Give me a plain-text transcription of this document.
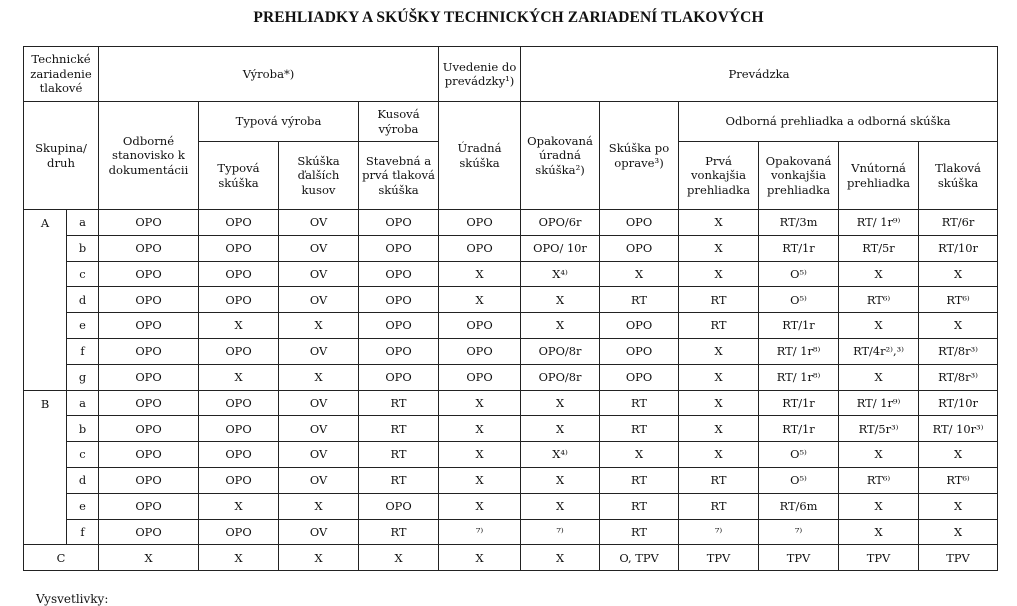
PREHLIADKY A SKÚŠKY TECHNICKÝCH ZARIADENÍ TLAKOVÝCH
Technické zariadenie tlakové		Výroba*)				Uvedenie do prevádzky¹)	Prevádzka					
Skupina/ druh		Odborné stanovisko k dokumentácii	Typová výroba		Kusová výroba	Úradná skúška	Opakovaná úradná skúška²)	Skúška po oprave³)	Odborná prehliadka a odborná skúška			
			Typová skúška	Skúška ďalších kusov	Stavebná a prvá tlaková skúška				Prvá vonkajšia prehliadka	Opakovaná vonkajšia prehliadka	Vnútorná prehliadka	Tlaková skúška
A	a	OPO	OPO	OV	OPO	OPO	OPO/6r	OPO	X	RT/3m	RT/ 1r⁹⁾	RT/6r
	b	OPO	OPO	OV	OPO	OPO	OPO/ 10r	OPO	X	RT/1r	RT/5r	RT/10r
	c	OPO	OPO	OV	OPO	X	X⁴⁾	X	X	O⁵⁾	X	X
	d	OPO	OPO	OV	OPO	X	X	RT	RT	O⁵⁾	RT⁶⁾	RT⁶⁾
	e	OPO	X	X	OPO	OPO	X	OPO	RT	RT/1r	X	X
	f	OPO	OPO	OV	OPO	OPO	OPO/8r	OPO	X	RT/ 1r⁸⁾	RT/4r²⁾,³⁾	RT/8r³⁾
	g	OPO	X	X	OPO	OPO	OPO/8r	OPO	X	RT/ 1r⁸⁾	X	RT/8r³⁾
B	a	OPO	OPO	OV	RT	X	X	RT	X	RT/1r	RT/ 1r⁹⁾	RT/10r
	b	OPO	OPO	OV	RT	X	X	RT	X	RT/1r	RT/5r³⁾	RT/ 10r³⁾
	c	OPO	OPO	OV	RT	X	X⁴⁾	X	X	O⁵⁾	X	X
	d	OPO	OPO	OV	RT	X	X	RT	RT	O⁵⁾	RT⁶⁾	RT⁶⁾
	e	OPO	X	X	OPO	X	X	RT	RT	RT/6m	X	X
	f	OPO	OPO	OV	RT	⁷⁾	⁷⁾	RT	⁷⁾	⁷⁾	X	X
C		X	X	X	X	X	X	O, TPV	TPV	TPV	TPV	TPV
Vysvetlivky:
